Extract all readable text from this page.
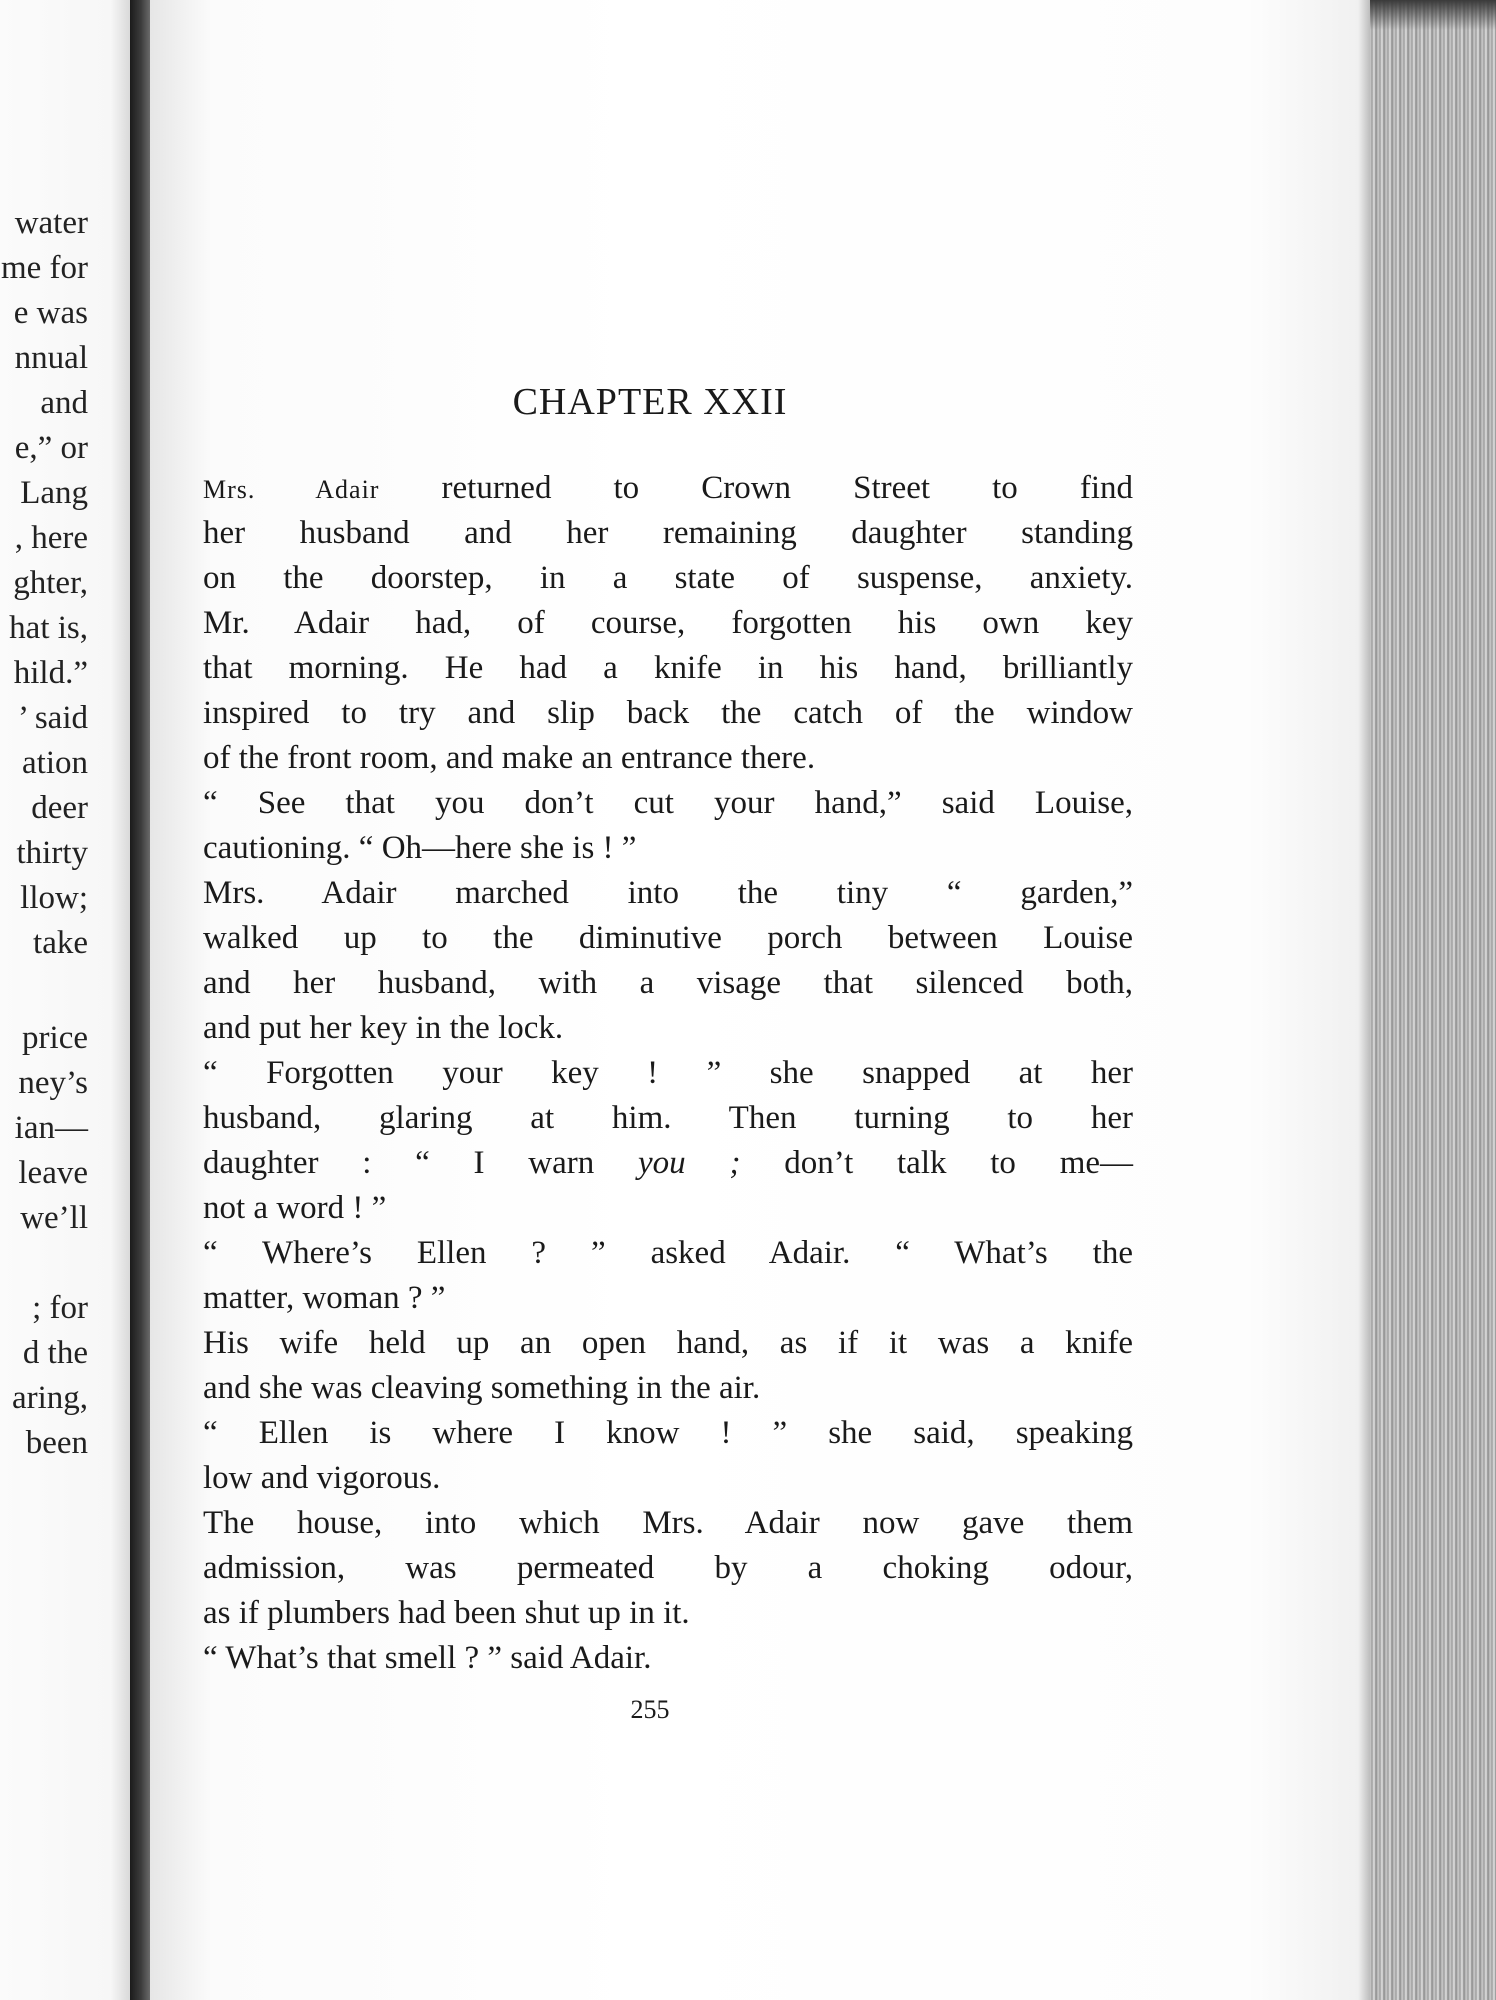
water
me for
e was
nnual
and
e,” or
Lang
, here
ghter,
hat is,
hild.”
’ said
ation
deer
thirty
llow;
take
price
ney’s
ian—
leave
we’ll
; for
d the
aring,
been
CHAPTER XXII
Mrs. Adair returned to Crown Street to find
her husband and her remaining daughter standing
on the doorstep, in a state of suspense, anxiety.
Mr. Adair had, of course, forgotten his own key
that morning. He had a knife in his hand, brilliantly
inspired to try and slip back the catch of the window
of the front room, and make an entrance there.
“ See that you don’t cut your hand,” said Louise,
cautioning. “ Oh—here she is ! ”
Mrs. Adair marched into the tiny “ garden,”
walked up to the diminutive porch between Louise
and her husband, with a visage that silenced both,
and put her key in the lock.
“ Forgotten your key ! ” she snapped at her
husband, glaring at him. Then turning to her
daughter : “ I warn you ; don’t talk to me—
not a word ! ”
“ Where’s Ellen ? ” asked Adair. “ What’s the
matter, woman ? ”
His wife held up an open hand, as if it was a knife
and she was cleaving something in the air.
“ Ellen is where I know ! ” she said, speaking
low and vigorous.
The house, into which Mrs. Adair now gave them
admission, was permeated by a choking odour,
as if plumbers had been shut up in it.
“ What’s that smell ? ” said Adair.
255
